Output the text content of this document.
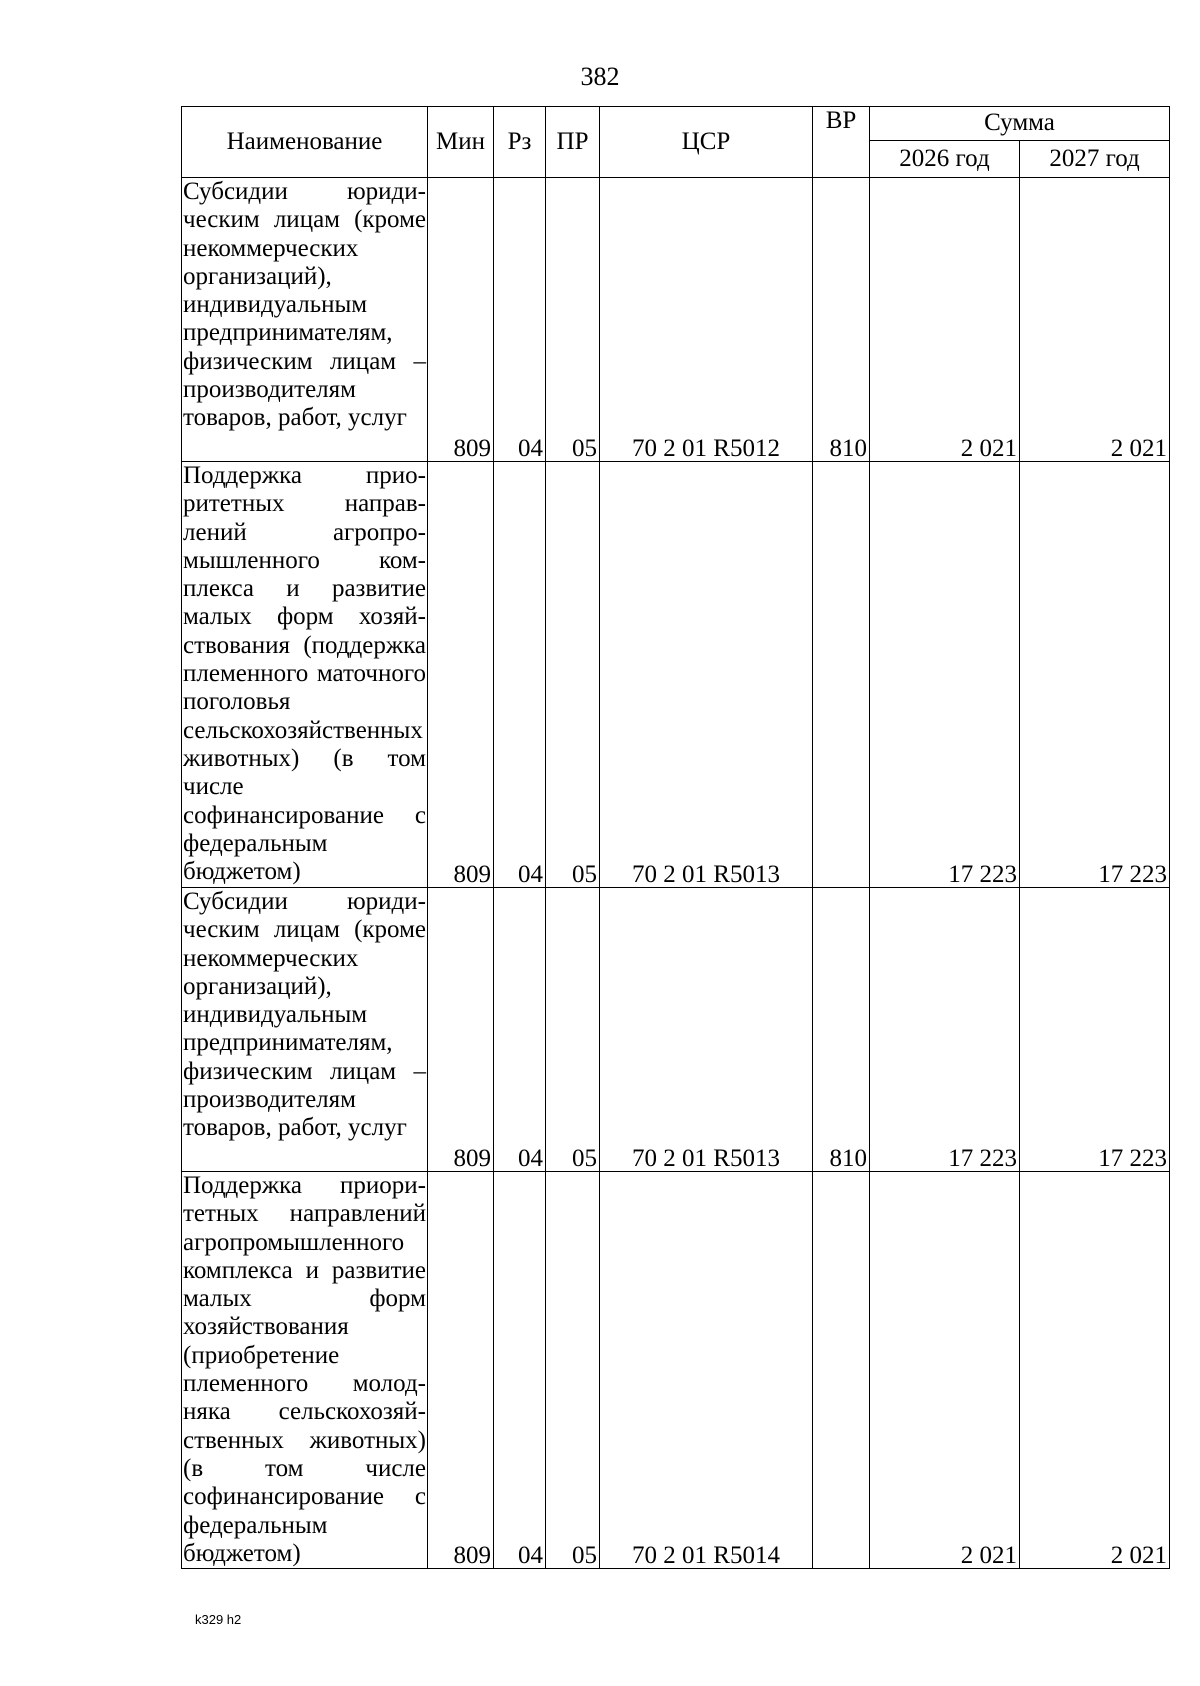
382
Наименование	Мин	Рз	ПР	ЦСР	ВР	Сумма	
						2026 год	2027 год
Субсидии юридическим лицам (кроме некоммерческих организаций), индивидуальным предпринимателям, физическим лицам – производителям товаров, работ, услуг	809	04	05	70 2 01 R5012	810	2 021	2 021
Поддержка приоритетных направлений агропромышленного комплекса и развитие малых форм хозяйствования (поддержка племенного маточного поголовья сельскохозяйственных животных) (в том числе софинансирование с федеральным бюджетом)	809	04	05	70 2 01 R5013		17 223	17 223
Субсидии юридическим лицам (кроме некоммерческих организаций), индивидуальным предпринимателям, физическим лицам – производителям товаров, работ, услуг	809	04	05	70 2 01 R5013	810	17 223	17 223
Поддержка приоритетных направлений агропромышленного комплекса и развитие малых форм хозяйствования (приобретение племенного молодняка сельскохозяйственных животных) (в том числе софинансирование с федеральным бюджетом)	809	04	05	70 2 01 R5014		2 021	2 021
k329 h2
